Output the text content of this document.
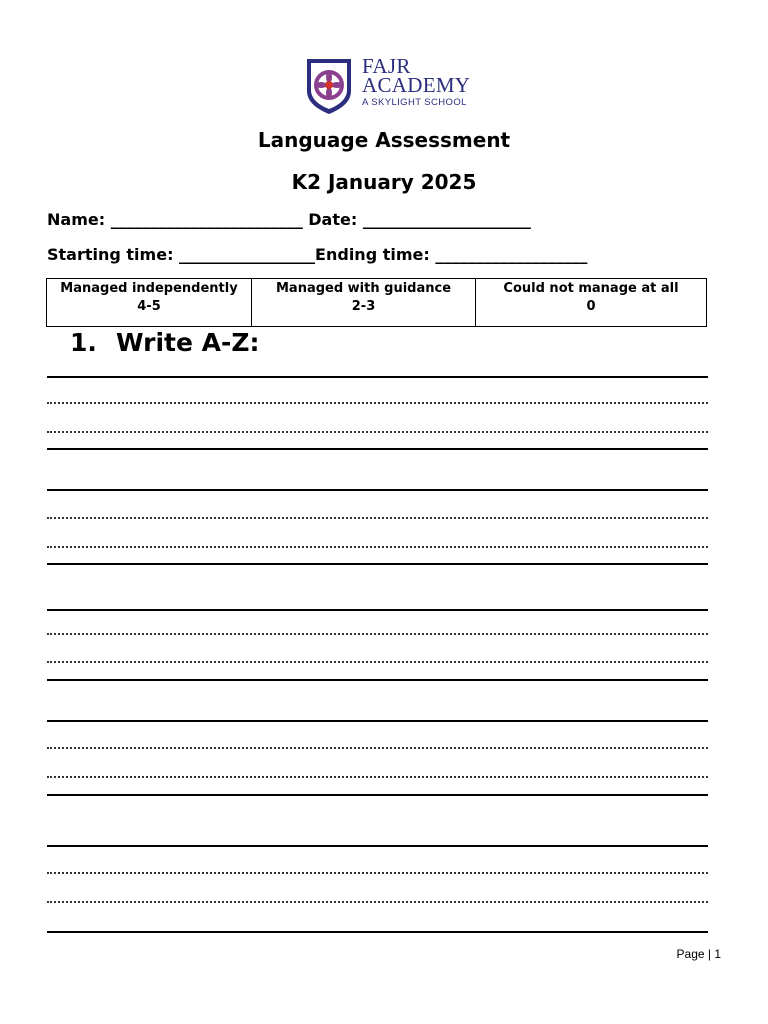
FAJR
ACADEMY
A SKYLIGHT SCHOOL
Language Assessment
K2 January 2025
Name: ________________________ Date: _____________________
Starting time: _________________Ending time: ___________________
Managed independently
4-5

Managed with guidance
2-3

Could not manage at all
0
1. Write A-Z:
Page | 1
